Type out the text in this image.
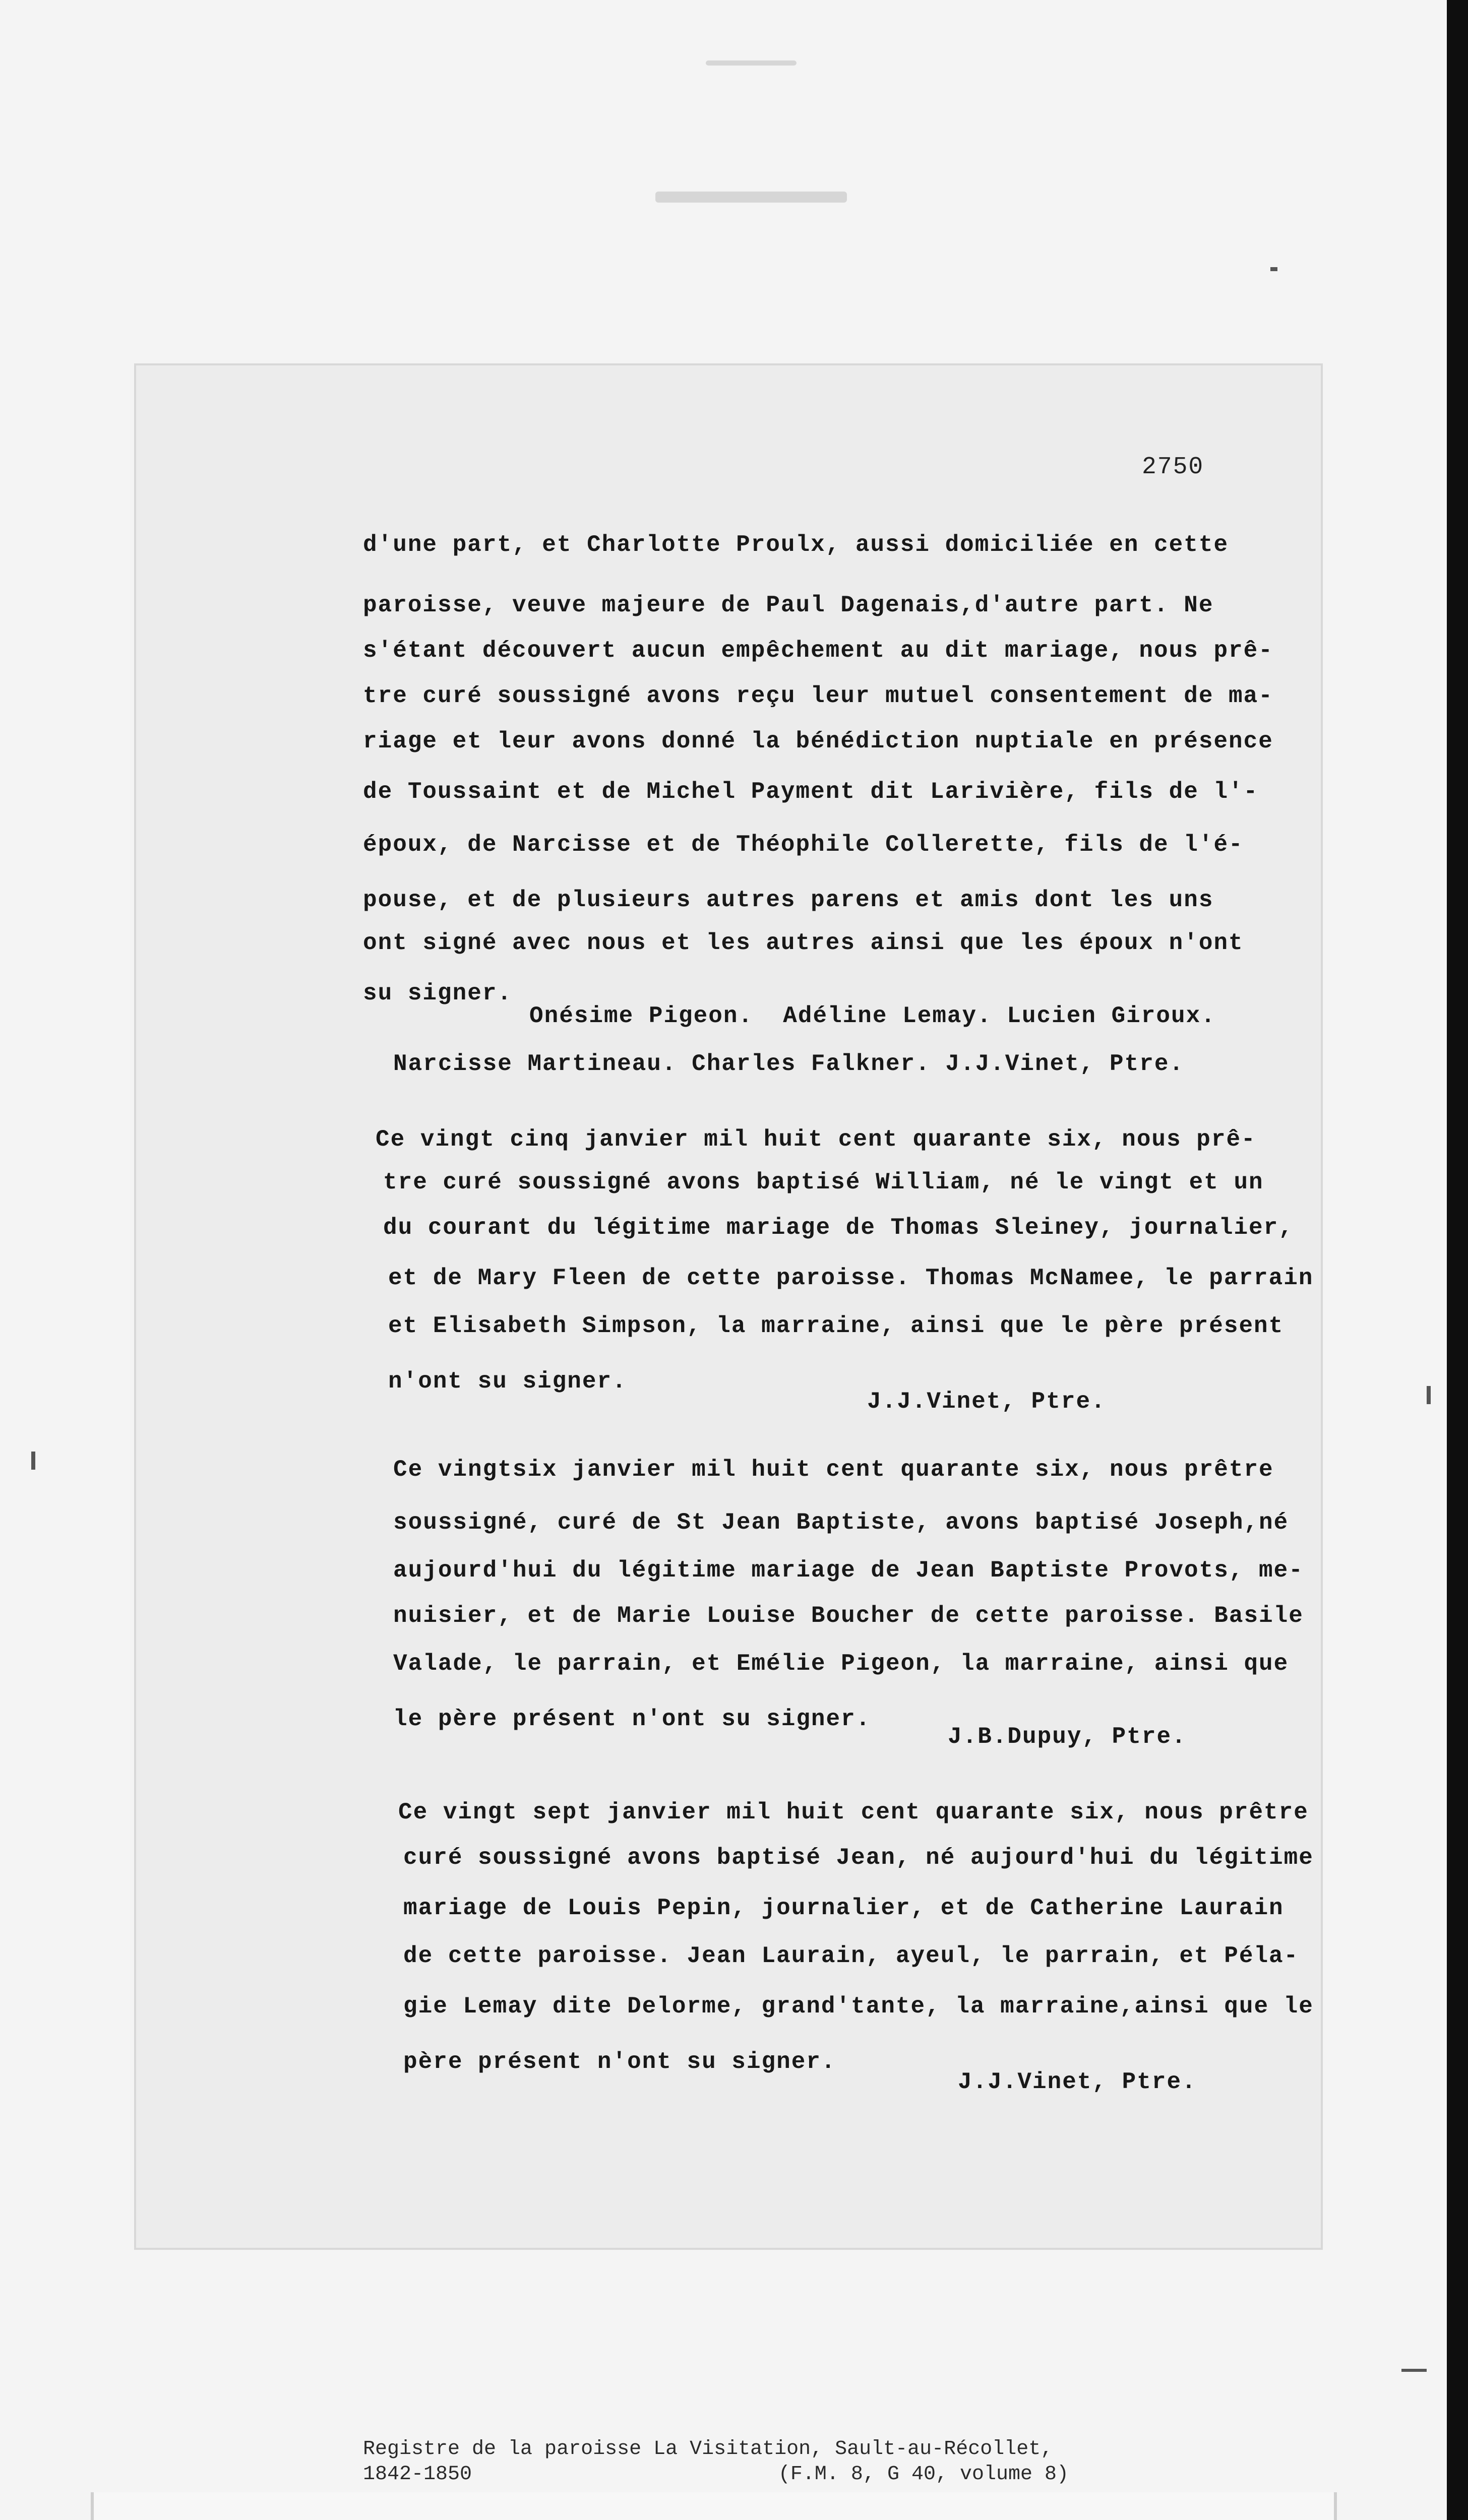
2750
d'une part, et Charlotte Proulx, aussi domiciliée en cette
paroisse, veuve majeure de Paul Dagenais,d'autre part. Ne
s'étant découvert aucun empêchement au dit mariage, nous prê-
tre curé soussigné avons reçu leur mutuel consentement de ma-
riage et leur avons donné la bénédiction nuptiale en présence
de Toussaint et de Michel Payment dit Larivière, fils de l'-
époux, de Narcisse et de Théophile Collerette, fils de l'é-
pouse, et de plusieurs autres parens et amis dont les uns
ont signé avec nous et les autres ainsi que les époux n'ont
su signer.
Onésime Pigeon.  Adéline Lemay. Lucien Giroux.
Narcisse Martineau. Charles Falkner. J.J.Vinet, Ptre.
Ce vingt cinq janvier mil huit cent quarante six, nous prê-
tre curé soussigné avons baptisé William, né le vingt et un
du courant du légitime mariage de Thomas Sleiney, journalier,
et de Mary Fleen de cette paroisse. Thomas McNamee, le parrain
et Elisabeth Simpson, la marraine, ainsi que le père présent
n'ont su signer.
J.J.Vinet, Ptre.
Ce vingtsix janvier mil huit cent quarante six, nous prêtre
soussigné, curé de St Jean Baptiste, avons baptisé Joseph,né
aujourd'hui du légitime mariage de Jean Baptiste Provots, me-
nuisier, et de Marie Louise Boucher de cette paroisse. Basile
Valade, le parrain, et Emélie Pigeon, la marraine, ainsi que
le père présent n'ont su signer.
J.B.Dupuy, Ptre.
Ce vingt sept janvier mil huit cent quarante six, nous prêtre
curé soussigné avons baptisé Jean, né aujourd'hui du légitime
mariage de Louis Pepin, journalier, et de Catherine Laurain
de cette paroisse. Jean Laurain, ayeul, le parrain, et Péla-
gie Lemay dite Delorme, grand'tante, la marraine,ainsi que le
père présent n'ont su signer.
J.J.Vinet, Ptre.
Registre de la paroisse La Visitation, Sault-au-Récollet,
1842-1850	(F.M. 8, G 40, volume 8)
